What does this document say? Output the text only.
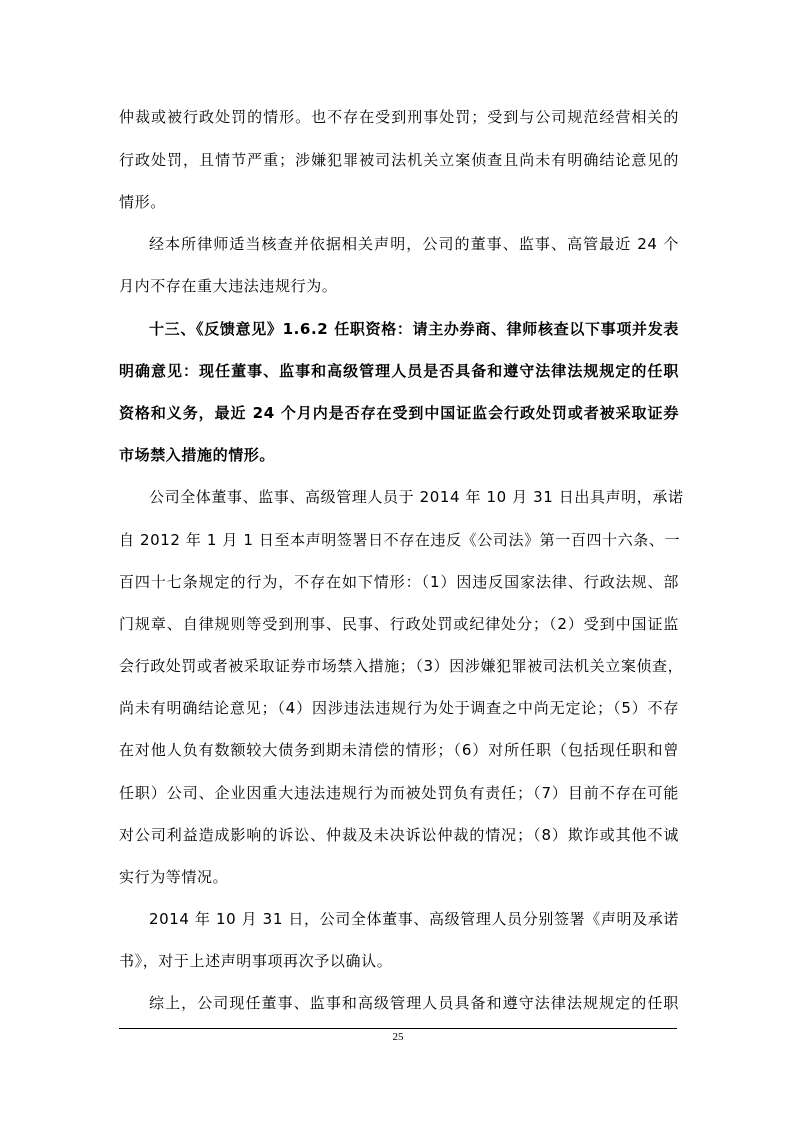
仲裁或被行政处罚的情形。也不存在受到刑事处罚；受到与公司规范经营相关的
行政处罚，且情节严重；涉嫌犯罪被司法机关立案侦查且尚未有明确结论意见的
情形。
经本所律师适当核查并依据相关声明，公司的董事、监事、高管最近 24 个
月内不存在重大违法违规行为。
十三、《反馈意见》1.6.2 任职资格：请主办券商、律师核查以下事项并发表
明确意见：现任董事、监事和高级管理人员是否具备和遵守法律法规规定的任职
资格和义务，最近 24 个月内是否存在受到中国证监会行政处罚或者被采取证券
市场禁入措施的情形。
公司全体董事、监事、高级管理人员于 2014 年 10 月 31 日出具声明，承诺
自 2012 年 1 月 1 日至本声明签署日不存在违反《公司法》第一百四十六条、一
百四十七条规定的行为，不存在如下情形：（1）因违反国家法律、行政法规、部
门规章、自律规则等受到刑事、民事、行政处罚或纪律处分；（2）受到中国证监
会行政处罚或者被采取证券市场禁入措施；（3）因涉嫌犯罪被司法机关立案侦查，
尚未有明确结论意见；（4）因涉违法违规行为处于调查之中尚无定论；（5）不存
在对他人负有数额较大债务到期未清偿的情形；（6）对所任职（包括现任职和曾
任职）公司、企业因重大违法违规行为而被处罚负有责任；（7）目前不存在可能
对公司利益造成影响的诉讼、仲裁及未决诉讼仲裁的情况；（8）欺诈或其他不诚
实行为等情况。
2014 年 10 月 31 日，公司全体董事、高级管理人员分别签署《声明及承诺
书》，对于上述声明事项再次予以确认。
综上，公司现任董事、监事和高级管理人员具备和遵守法律法规规定的任职
25
